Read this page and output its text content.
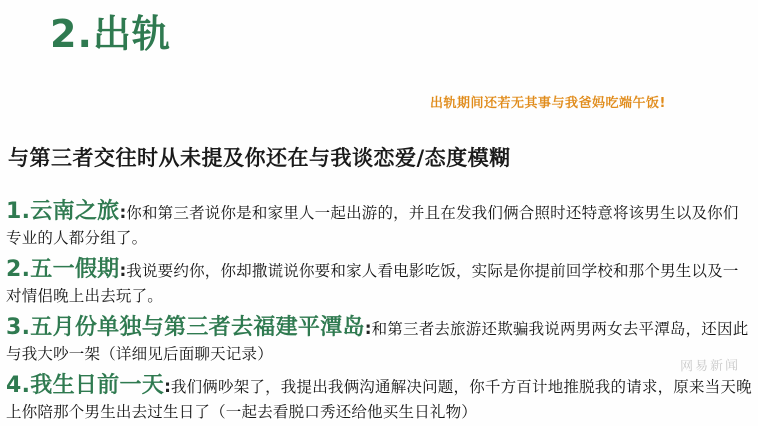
2.出轨
出轨期间还若无其事与我爸妈吃端午饭!
与第三者交往时从未提及你还在与我谈恋爱/态度模糊
1.云南之旅:你和第三者说你是和家里人一起出游的，并且在发我们俩合照时还特意将该男生以及你们专业的人都分组了。
2.五一假期:我说要约你，你却撒谎说你要和家人看电影吃饭，实际是你提前回学校和那个男生以及一对情侣晚上出去玩了。
3.五月份单独与第三者去福建平潭岛:和第三者去旅游还欺骗我说两男两女去平潭岛，还因此与我大吵一架（详细见后面聊天记录）
4.我生日前一天:我们俩吵架了，我提出我俩沟通解决问题，你千方百计地推脱我的请求，原来当天晚上你陪那个男生出去过生日了（一起去看脱口秀还给他买生日礼物）
网易新闻
